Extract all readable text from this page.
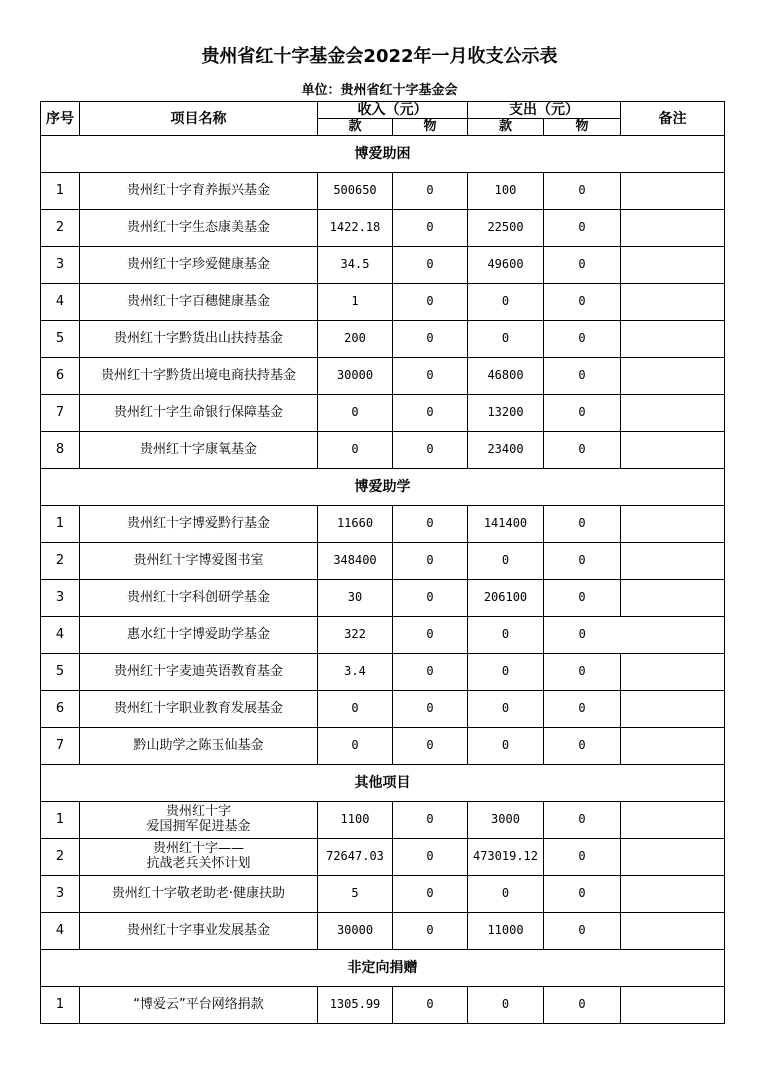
贵州省红十字基金会2022年一月收支公示表
单位：贵州省红十字基金会
序号	项目名称	收入（元）		支出（元）		备注
		款	物	款	物	
博爱助困						
1	贵州红十字育养振兴基金	500650	0	100	0	
2	贵州红十字生态康美基金	1422.18	0	22500	0	
3	贵州红十字珍爱健康基金	34.5	0	49600	0	
4	贵州红十字百穗健康基金	1	0	0	0	
5	贵州红十字黔货出山扶持基金	200	0	0	0	
6	贵州红十字黔货出境电商扶持基金	30000	0	46800	0	
7	贵州红十字生命银行保障基金	0	0	13200	0	
8	贵州红十字康氧基金	0	0	23400	0	
博爱助学						
1	贵州红十字博爱黔行基金	11660	0	141400	0	
2	贵州红十字博爱图书室	348400	0	0	0	
3	贵州红十字科创研学基金	30	0	206100	0	
4	惠水红十字博爱助学基金	322	0	0	0	
5	贵州红十字麦迪英语教育基金	3.4	0	0	0	
6	贵州红十字职业教育发展基金	0	0	0	0	
7	黔山助学之陈玉仙基金	0	0	0	0	
其他项目						
1	贵州红十字
爱国拥军促进基金	1100	0	3000	0	
2	贵州红十字——
抗战老兵关怀计划	72647.03	0	473019.12	0	
3	贵州红十字敬老助老·健康扶助	5	0	0	0	
4	贵州红十字事业发展基金	30000	0	11000	0	
非定向捐赠						
1	“博爱云”平台网络捐款	1305.99	0	0	0	
